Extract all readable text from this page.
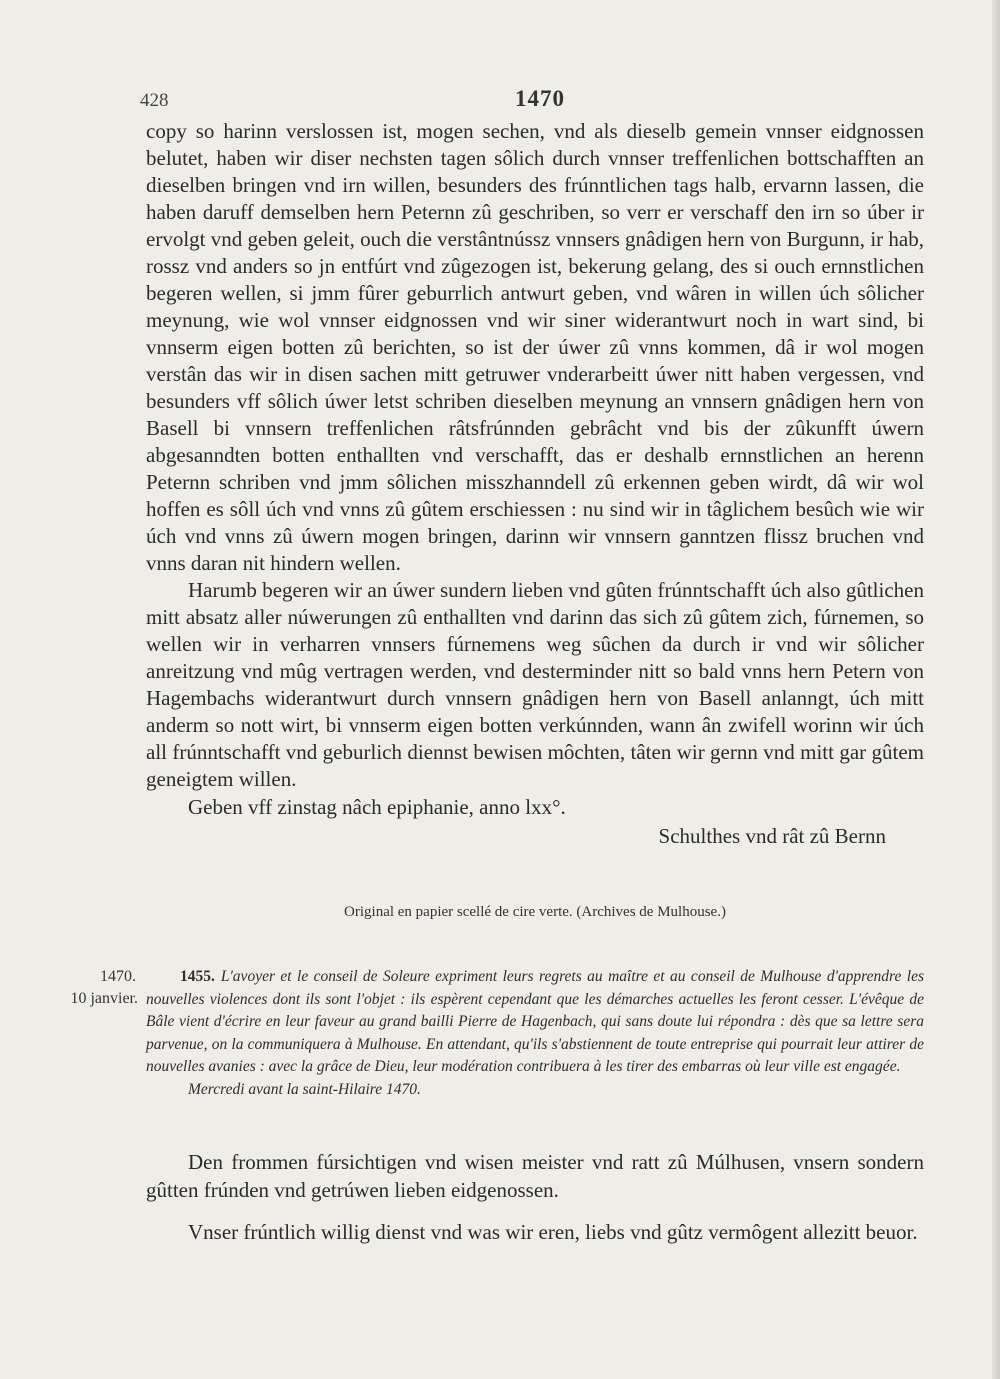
428	1470

copy so harinn verslossen ist, mogen sechen, vnd als dieselb gemein vnnser eidgnossen belutet, haben wir diser nechsten tagen sôlich durch vnnser treffenlichen bottschafften an dieselben bringen vnd irn willen, besunders des frúnntlichen tags halb, ervarnn lassen, die haben daruff demselben hern Peternn zû geschriben, so verr er verschaff den irn so úber ir ervolgt vnd geben geleit, ouch die verstântnússz vnnsers gnâdigen hern von Burgunn, ir hab, rossz vnd anders so jn entfúrt vnd zûgezogen ist, bekerung gelang, des si ouch ernnstlichen begeren wellen, si jmm fûrer geburrlich antwurt geben, vnd wâren in willen úch sôlicher meynung, wie wol vnnser eidgnossen vnd wir siner widerantwurt noch in wart sind, bi vnnserm eigen botten zû berichten, so ist der úwer zû vnns kommen, dâ ir wol mogen verstân das wir in disen sachen mitt getruwer vnderarbeitt úwer nitt haben vergessen, vnd besunders vff sôlich úwer letst schriben dieselben meynung an vnnsern gnâdigen hern von Basell bi vnnsern treffenlichen râtsfrúnnden gebrâcht vnd bis der zûkunfft úwern abgesanndten botten enthallten vnd verschafft, das er deshalb ernnstlichen an herenn Peternn schriben vnd jmm sôlichen misszhanndell zû erkennen geben wirdt, dâ wir wol hoffen es sôll úch vnd vnns zû gûtem erschiessen : nu sind wir in tâglichem besûch wie wir úch vnd vnns zû úwern mogen bringen, darinn wir vnnsern ganntzen flissz bruchen vnd vnns daran nit hindern wellen.

Harumb begeren wir an úwer sundern lieben vnd gûten frúnntschafft úch also gûtlichen mitt absatz aller núwerungen zû enthallten vnd darinn das sich zû gûtem zich, fúrnemen, so wellen wir in verharren vnnsers fúrnemens weg sûchen da durch ir vnd wir sôlicher anreitzung vnd mûg vertragen werden, vnd desterminder nitt so bald vnns hern Petern von Hagembachs widerantwurt durch vnnsern gnâdigen hern von Basell anlanngt, úch mitt anderm so nott wirt, bi vnnserm eigen botten verkúnnden, wann ân zwifell worinn wir úch all frúnntschafft vnd geburlich diennst bewisen môchten, tâten wir gernn vnd mitt gar gûtem geneigtem willen.

Geben vff zinstag nâch epiphanie, anno lxx°.

Schulthes vnd rât zû Bernn

Original en papier scellé de cire verte. (Archives de Mulhouse.)
1470.
10 janvier.
1455. L'avoyer et le conseil de Soleure expriment leurs regrets au maître et au conseil de Mulhouse d'apprendre les nouvelles violences dont ils sont l'objet : ils espèrent cependant que les démarches actuelles les feront cesser. L'évêque de Bâle vient d'écrire en leur faveur au grand bailli Pierre de Hagenbach, qui sans doute lui répondra : dès que sa lettre sera parvenue, on la communiquera à Mulhouse. En attendant, qu'ils s'abstiennent de toute entreprise qui pourrait leur attirer de nouvelles avanies : avec la grâce de Dieu, leur modération contribuera à les tirer des embarras où leur ville est engagée.
Mercredi avant la saint-Hilaire 1470.

Den frommen fúrsichtigen vnd wisen meister vnd ratt zû Múlhusen, vnsern sondern gûtten frúnden vnd getrúwen lieben eidgenossen.

Vnser frúntlich willig dienst vnd was wir eren, liebs vnd gûtz vermôgent allezitt beuor.
